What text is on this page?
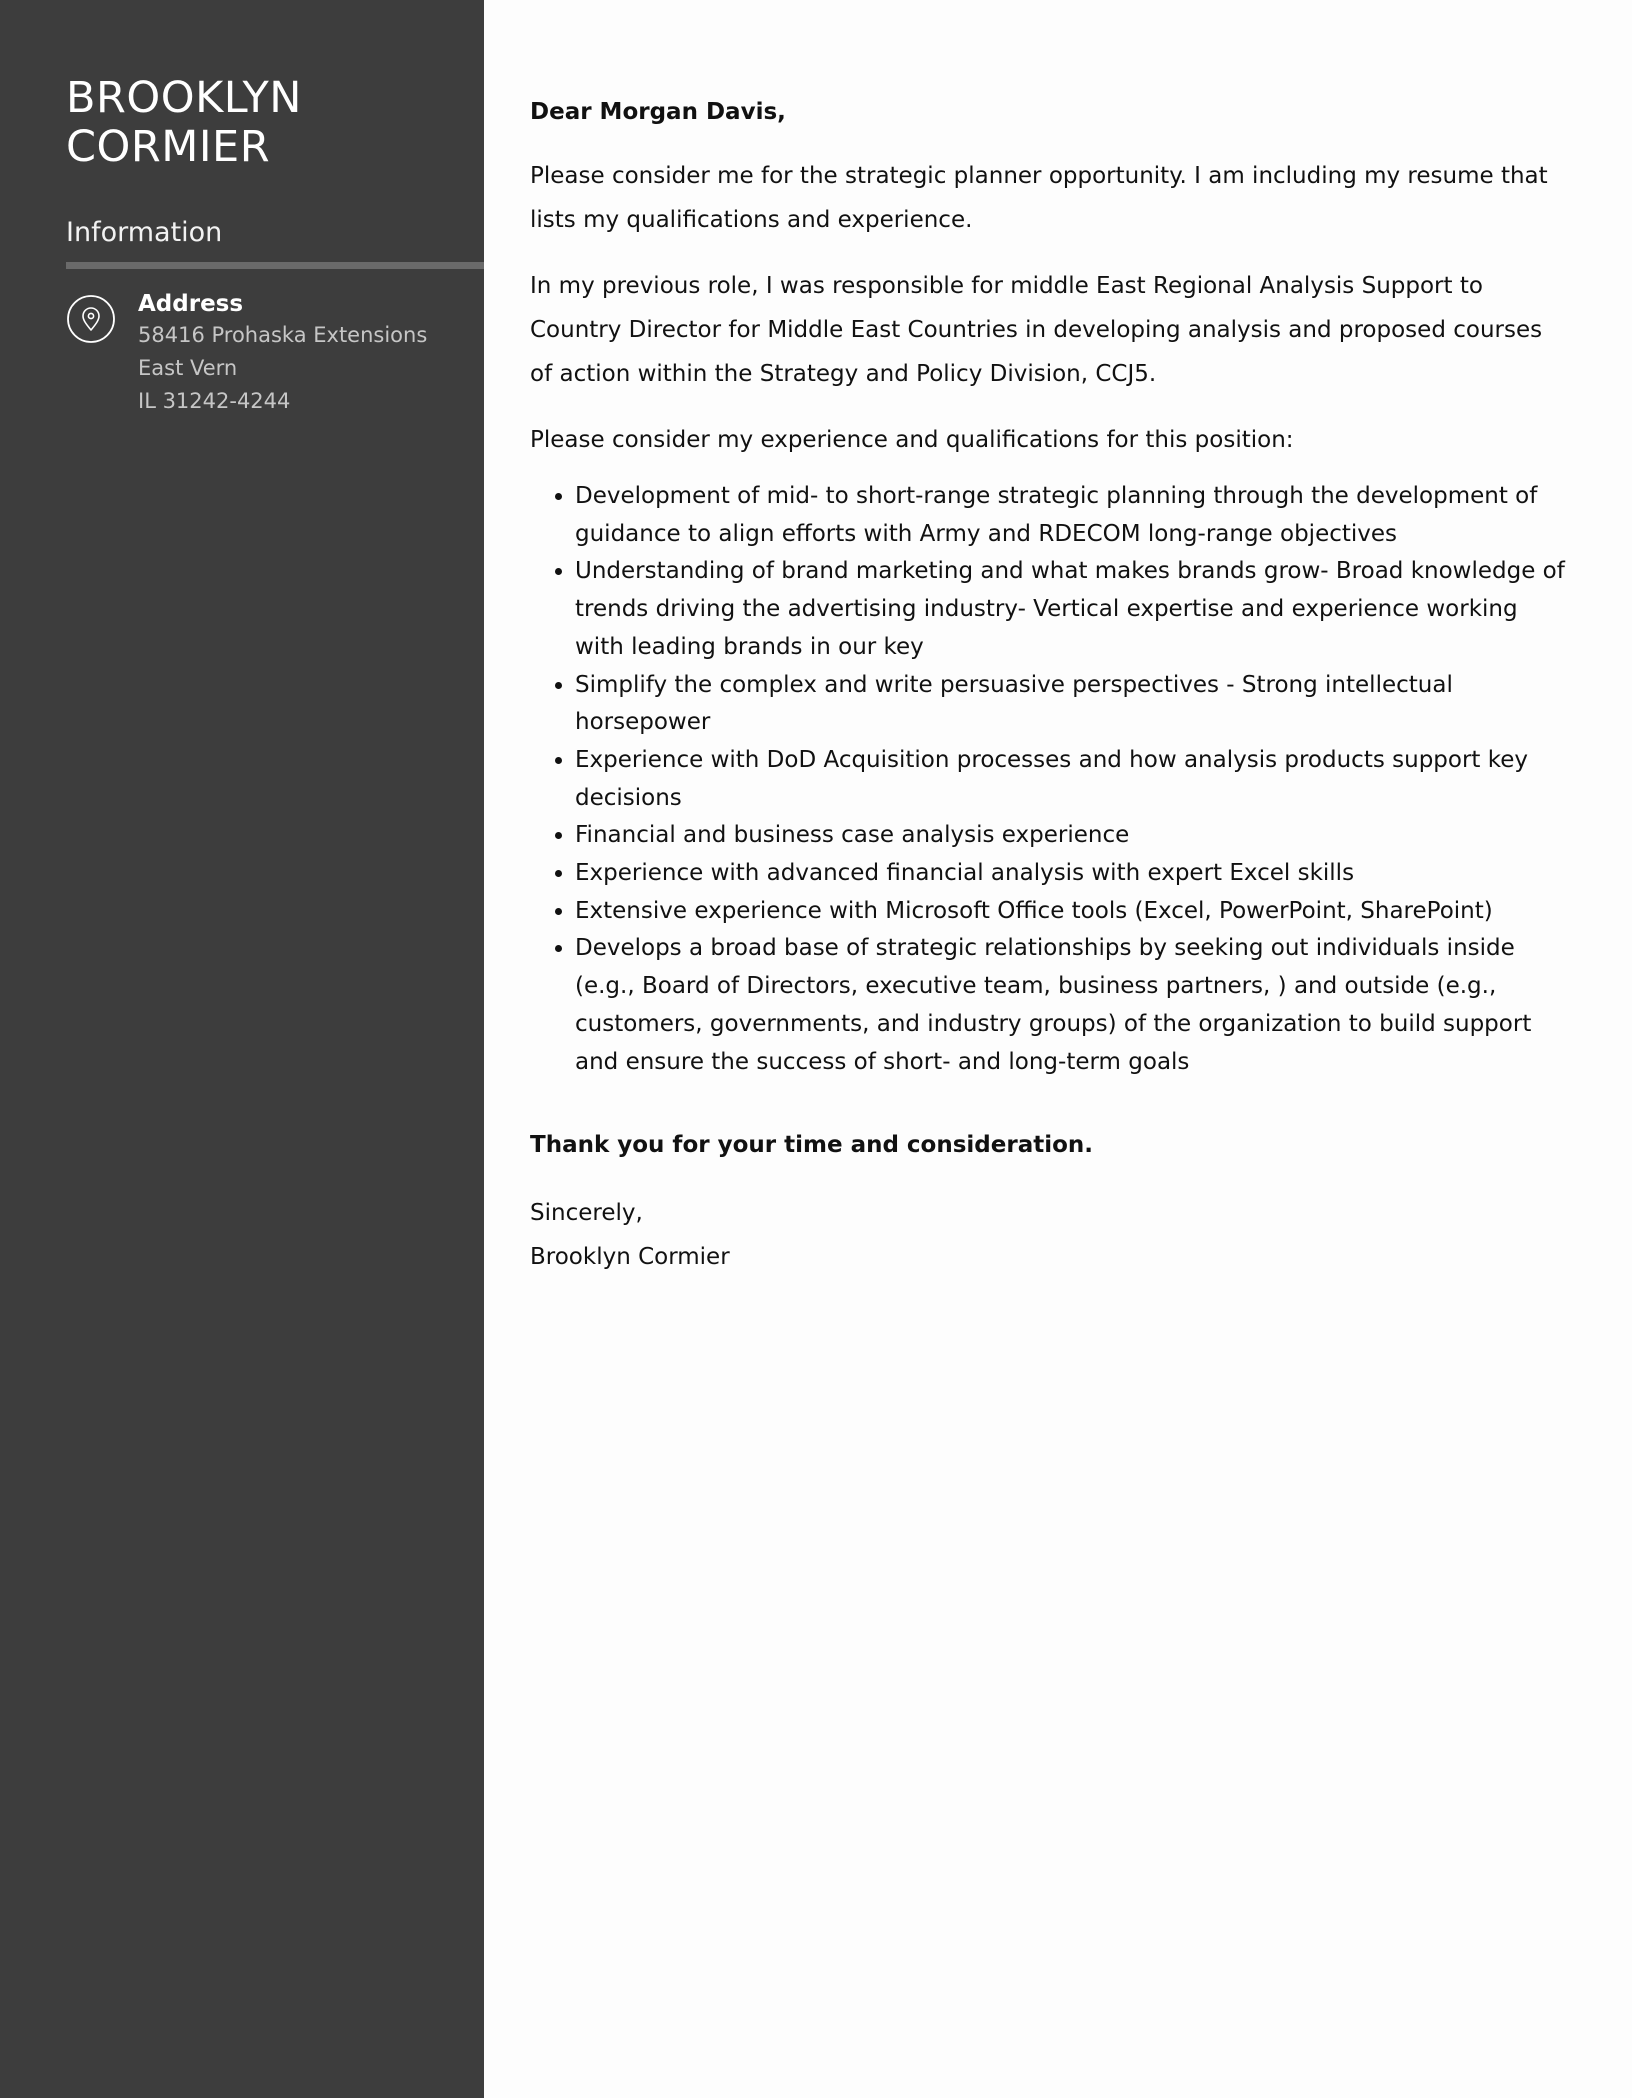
BROOKLYN
CORMIER
Information
Address
58416 Prohaska Extensions
East Vern
IL 31242-4244

Dear Morgan Davis,

Please consider me for the strategic planner opportunity. I am including my resume that lists my qualifications and experience.

In my previous role, I was responsible for middle East Regional Analysis Support to Country Director for Middle East Countries in developing analysis and proposed courses of action within the Strategy and Policy Division, CCJ5.

Please consider my experience and qualifications for this position:

• Development of mid- to short-range strategic planning through the development of guidance to align efforts with Army and RDECOM long-range objectives
• Understanding of brand marketing and what makes brands grow- Broad knowledge of trends driving the advertising industry- Vertical expertise and experience working with leading brands in our key
• Simplify the complex and write persuasive perspectives - Strong intellectual horsepower
• Experience with DoD Acquisition processes and how analysis products support key decisions
• Financial and business case analysis experience
• Experience with advanced financial analysis with expert Excel skills
• Extensive experience with Microsoft Office tools (Excel, PowerPoint, SharePoint)
• Develops a broad base of strategic relationships by seeking out individuals inside (e.g., Board of Directors, executive team, business partners, ) and outside (e.g., customers, governments, and industry groups) of the organization to build support and ensure the success of short- and long-term goals

Thank you for your time and consideration.

Sincerely,

Brooklyn Cormier
